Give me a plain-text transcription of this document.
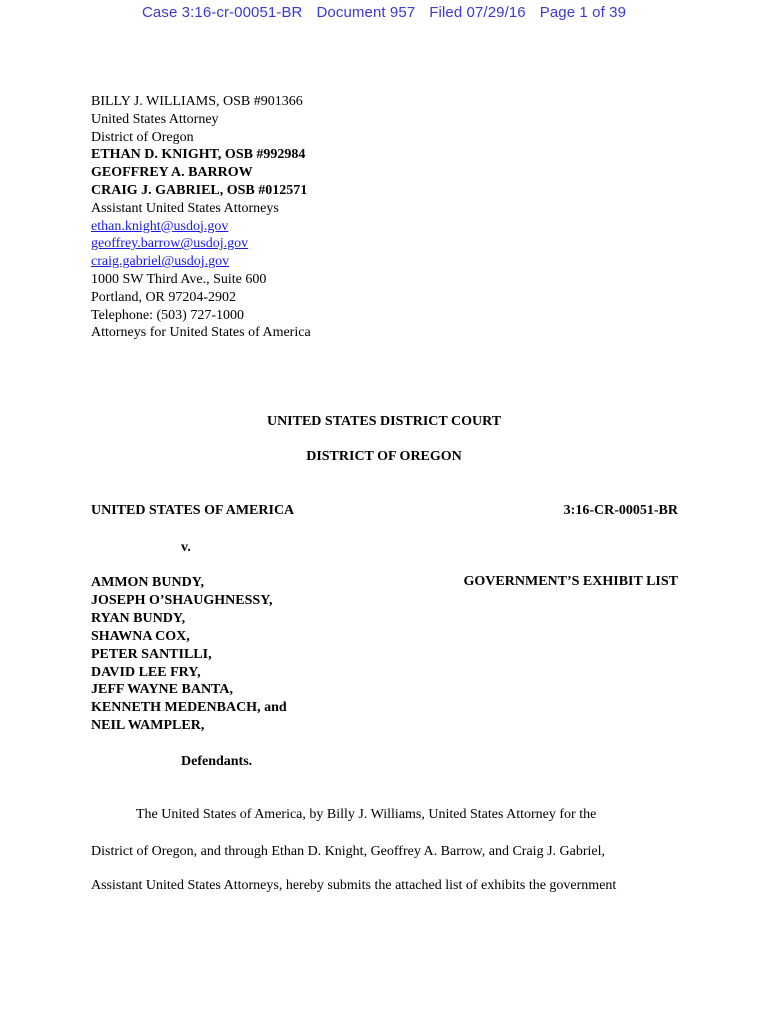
Case 3:16-cr-00051-BR Document 957 Filed 07/29/16 Page 1 of 39
BILLY J. WILLIAMS, OSB #901366
United States Attorney
District of Oregon
ETHAN D. KNIGHT, OSB #992984
GEOFFREY A. BARROW
CRAIG J. GABRIEL, OSB #012571
Assistant United States Attorneys
ethan.knight@usdoj.gov
geoffrey.barrow@usdoj.gov
craig.gabriel@usdoj.gov
1000 SW Third Ave., Suite 600
Portland, OR 97204-2902
Telephone: (503) 727-1000
Attorneys for United States of America
UNITED STATES DISTRICT COURT
DISTRICT OF OREGON
UNITED STATES OF AMERICA	3:16-CR-00051-BR
v.
GOVERNMENT’S EXHIBIT LIST
AMMON BUNDY,
JOSEPH O’SHAUGHNESSY,
RYAN BUNDY,
SHAWNA COX,
PETER SANTILLI,
DAVID LEE FRY,
JEFF WAYNE BANTA,
KENNETH MEDENBACH, and
NEIL WAMPLER,
Defendants.
The United States of America, by Billy J. Williams, United States Attorney for the
District of Oregon, and through Ethan D. Knight, Geoffrey A. Barrow, and Craig J. Gabriel,
Assistant United States Attorneys, hereby submits the attached list of exhibits the government
